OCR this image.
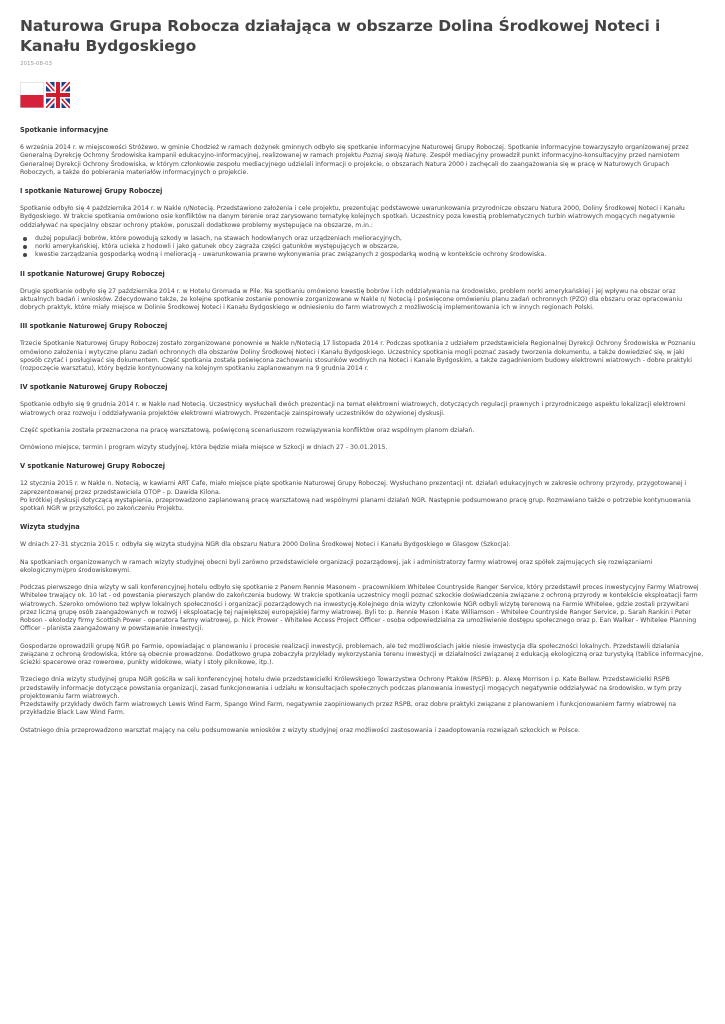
Naturowa Grupa Robocza działająca w obszarze Dolina Środkowej Noteci i Kanału Bydgoskiego
2015-08-03
Spotkanie informacyjne

6 września 2014 r. w miejscowości Stróżewo, w gminie Chodzież w ramach dożynek gminnych odbyło się spotkanie informacyjne Naturowej Grupy Roboczej. Spotkanie informacyjne towarzyszyło organizowanej przez Generalną Dyrekcję Ochrony Środowiska kampanii edukacyjno-informacyjnej, realizowanej w ramach projektu Poznaj swoją Naturę. Zespół mediacyjny prowadził punkt informacyjno-konsultacyjny przed namiotem Generalnej Dyrekcji Ochrony Środowiska, w którym członkowie zespołu mediacyjnego udzielali informacji o projekcie, o obszarach Natura 2000 i zachęcali do zaangażowania się w pracę w Naturowych Grupach Roboczych, a także do pobierania materiałów informacyjnych o projekcie.

I spotkanie Naturowej Grupy Roboczej

Spotkanie odbyło się 4 października 2014 r. w Nakle n/Notecią. Przedstawiono założenia i cele projektu, prezentując podstawowe uwarunkowania przyrodnicze obszaru Natura 2000, Doliny Środkowej Noteci i Kanału Bydgoskiego. W trakcie spotkania omówiono osie konfliktów na danym terenie oraz zarysowano tematykę kolejnych spotkań. Uczestnicy poza kwestią problematycznych turbin wiatrowych mogących negatywnie oddziaływać na specjalny obszar ochrony ptaków, poruszali dodatkowe problemy występujące na obszarze, m.in.:

dużej populacji bobrów, które powodują szkody w lasach, na stawach hodowlanych oraz urządzeniach melioracyjnych,
norki amerykańskiej, która ucieka z hodowli i jako gatunek obcy zagraża części gatunków występujących w obszarze,
kwestie zarządzania gospodarką wodną i melioracją - uwarunkowania prawne wykonywania prac związanych z gospodarką wodną w kontekście ochrony środowiska.
II spotkanie Naturowej Grupy Roboczej

Drugie spotkanie odbyło się 27 października 2014 r. w Hotelu Gromada w Pile. Na spotkaniu omówiono kwestię bobrów i ich oddziaływania na środowisko, problem norki amerykańskiej i jej wpływu na obszar oraz aktualnych badań i wniosków. Zdecydowano także, że kolejne spotkanie zostanie ponownie zorganizowane w Nakle n/ Notecią i poświęcone omówieniu planu zadań ochronnych (PZO) dla obszaru oraz opracowaniu dobrych praktyk, które miały miejsce w Dolinie Środkowej Noteci i Kanału Bydgoskiego w odniesieniu do farm wiatrowych z możliwością implementowania ich w innych regionach Polski.

III spotkanie Naturowej Grupy Roboczej

Trzecie Spotkanie Naturowej Grupy Roboczej zostało zorganizowane ponownie w Nakle n/Notecią 17 listopada 2014 r. Podczas spotkania z udziałem przedstawiciela Regionalnej Dyrekcji Ochrony Środowiska w Poznaniu omówiono założenia i wytyczne planu zadań ochronnych dla obszarów Doliny Środkowej Noteci i Kanału Bydgoskiego. Uczestnicy spotkania mogli poznać zasady tworzenia dokumentu, a także dowiedzieć się, w jaki sposób czytać i posługiwać się dokumentem. Część spotkania została poświęcona zachowaniu stosunków wodnych na Noteci i Kanale Bydgoskim, a także zagadnieniom budowy elektrowni wiatrowych - dobre praktyki (rozpoczęcie warsztatu), który będzie kontynuowany na kolejnym spotkaniu zaplanowanym na 9 grudnia 2014 r.

IV spotkanie Naturowej Grupy Roboczej

Spotkanie odbyło się 9 grudnia 2014 r. w Nakle nad Notecią. Uczestnicy wysłuchali dwóch prezentacji na temat elektrowni wiatrowych, dotyczących regulacji prawnych i przyrodniczego aspektu lokalizacji elektrowni wiatrowych oraz rozwoju i oddziaływania projektów elektrowni wiatrowych. Prezentacje zainspirowały uczestników do ożywionej dyskusji.

Część spotkania została przeznaczona na pracę warsztatową, poświęconą scenariuszom rozwiązywania konfliktów oraz wspólnym planom działań.

Omówiono miejsce, termin i program wizyty studyjnej, która będzie miała miejsce w Szkocji w dniach 27 - 30.01.2015.

V spotkanie Naturowej Grupy Roboczej

12 stycznia 2015 r. w Nakle n. Notecią, w kawiarni ART Cafe, miało miejsce piąte spotkanie Naturowej Grupy Roboczej. Wysłuchano prezentacji nt. działań edukacyjnych w zakresie ochrony przyrody, przygotowanej i zaprezentowanej przez przedstawiciela OTOP - p. Dawida Kilona.

Po krótkiej dyskusji dotyczącą wystąpienia, przeprowadzono zaplanowaną pracę warsztatową nad wspólnymi planami działań NGR. Następnie podsumowano pracę grup. Rozmawiano także o potrzebie kontynuowania spotkań NGR w przyszłości, po zakończeniu Projektu.

Wizyta studyjna

W dniach 27-31 stycznia 2015 r. odbyła się wizyta studyjna NGR dla obszaru Natura 2000 Dolina Środkowej Noteci i Kanału Bydgoskiego w Glasgow (Szkocja).

Na spotkaniach organizowanych w ramach wizyty studyjnej obecni byli zarówno przedstawiciele organizacji pozarządowej, jak i administratorzy farmy wiatrowej oraz spółek zajmujących się rozwiązaniami ekologicznymi/pro środowiskowymi.

Podczas pierwszego dnia wizyty w sali konferencyjnej hotelu odbyło się spotkanie z Panem Rennie Masonem - pracownikiem Whitelee Countryside Ranger Service, który przedstawił proces inwestycyjny Farmy Wiatrowej Whitelee trwający ok. 10 lat - od powstania pierwszych planów do zakończenia budowy. W trakcie spotkania uczestnicy mogli poznać szkockie doświadczenia związane z ochroną przyrody w kontekście eksploatacji farm wiatrowych. Szeroko omówiono też wpływ lokalnych społeczności i organizacji pozarządowych na inwestycję.Kolejnego dnia wizyty członkowie NGR odbyli wizytę terenową na Farmie Whitelee, gdzie zostali przywitani przez liczną grupę osób zaangażowanych w rozwój i eksploatację tej największej europejskiej farmy wiatrowej. Byli to: p. Rennie Mason i Kate Williamson - Whitelee Countryside Ranger Service, p. Sarah Rankin i Peter Robson - ekolodzy firmy Scottish Power - operatora farmy wiatrowej, p. Nick Prower - Whitelee Access Project Officer - osoba odpowiedzialna za umożliwienie dostępu społecznego oraz p. Ean Walker - Whitelee Planning Officer - planista zaangażowany w powstawanie inwestycji.

Gospodarze oprowadzili grupę NGR po Farmie, opowiadając o planowaniu i procesie realizacji inwestycji, problemach, ale też możliwościach jakie niesie inwestycja dla społeczności lokalnych. Przedstawili działania związane z ochroną środowiska, które są obecnie prowadzone. Dodatkowo grupa zobaczyła przykłady wykorzystania terenu inwestycji w działalności związanej z edukacją ekologiczną oraz turystyką (tablice informacyjne, ścieżki spacerowe oraz rowerowe, punkty widokowe, wiaty i stoły piknikowe, itp.).

Trzeciego dnia wizyty studyjnej grupa NGR gościła w sali konferencyjnej hotelu dwie przedstawicielki Królewskiego Towarzystwa Ochrony Ptaków (RSPB): p. Alexę Morrison i p. Kate Bellew. Przedstawicielki RSPB przedstawiły informacje dotyczące powstania organizacji, zasad funkcjonowania i udziału w konsultacjach społecznych podczas planowania inwestycji mogących negatywnie oddziaływać na środowisko, w tym przy projektowaniu farm wiatrowych.

Przedstawiły przykłady dwóch farm wiatrowych Lewis Wind Farm, Spango Wind Farm, negatywnie zaopiniowanych przez RSPB, oraz dobre praktyki związane z planowaniem i funkcjonowaniem farmy wiatrowej na przykładzie Black Law Wind Farm.

Ostatniego dnia przeprowadzono warsztat mający na celu podsumowanie wniosków z wizyty studyjnej oraz możliwości zastosowania i zaadoptowania rozwiązań szkockich w Polsce.
